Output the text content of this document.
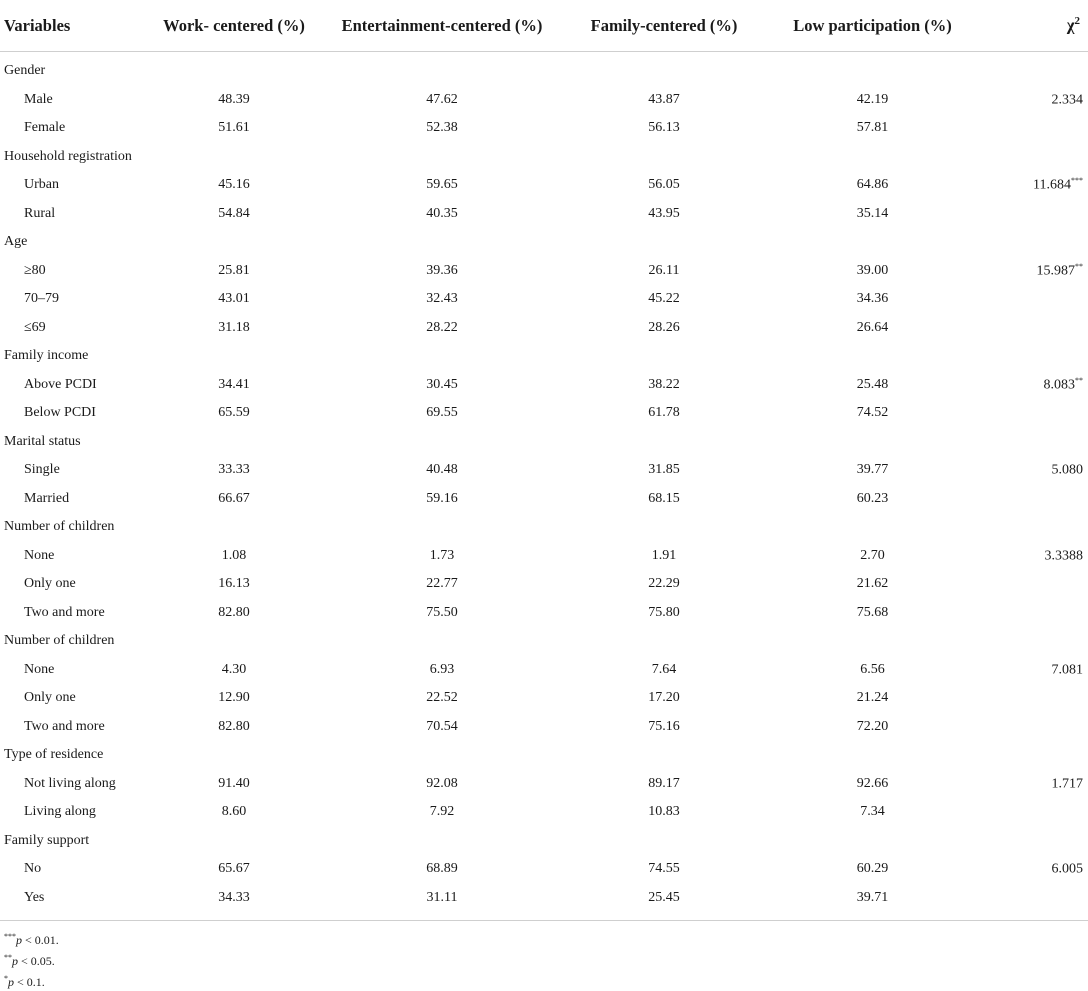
Variables	Work- centered (%)	Entertainment-centered (%)	Family-centered (%)	Low participation (%)	$\chi^2$
Gender
Male	48.39	47.62	43.87	42.19	2.334
Female	51.61	52.38	56.13	57.81
Household registration
Urban	45.16	59.65	56.05	64.86	11.684***
Rural	54.84	40.35	43.95	35.14
Age
≥80	25.81	39.36	26.11	39.00	15.987**
70–79	43.01	32.43	45.22	34.36
≤69	31.18	28.22	28.26	26.64
Family income
Above PCDI	34.41	30.45	38.22	25.48	8.083**
Below PCDI	65.59	69.55	61.78	74.52
Marital status
Single	33.33	40.48	31.85	39.77	5.080
Married	66.67	59.16	68.15	60.23
Number of children
None	1.08	1.73	1.91	2.70	3.3388
Only one	16.13	22.77	22.29	21.62
Two and more	82.80	75.50	75.80	75.68
Number of children
None	4.30	6.93	7.64	6.56	7.081
Only one	12.90	22.52	17.20	21.24
Two and more	82.80	70.54	75.16	72.20
Type of residence
Not living along	91.40	92.08	89.17	92.66	1.717
Living along	8.60	7.92	10.83	7.34
Family support
No	65.67	68.89	74.55	60.29	6.005
Yes	34.33	31.11	25.45	39.71
***p < 0.01.
**p < 0.05.
*p < 0.1.
